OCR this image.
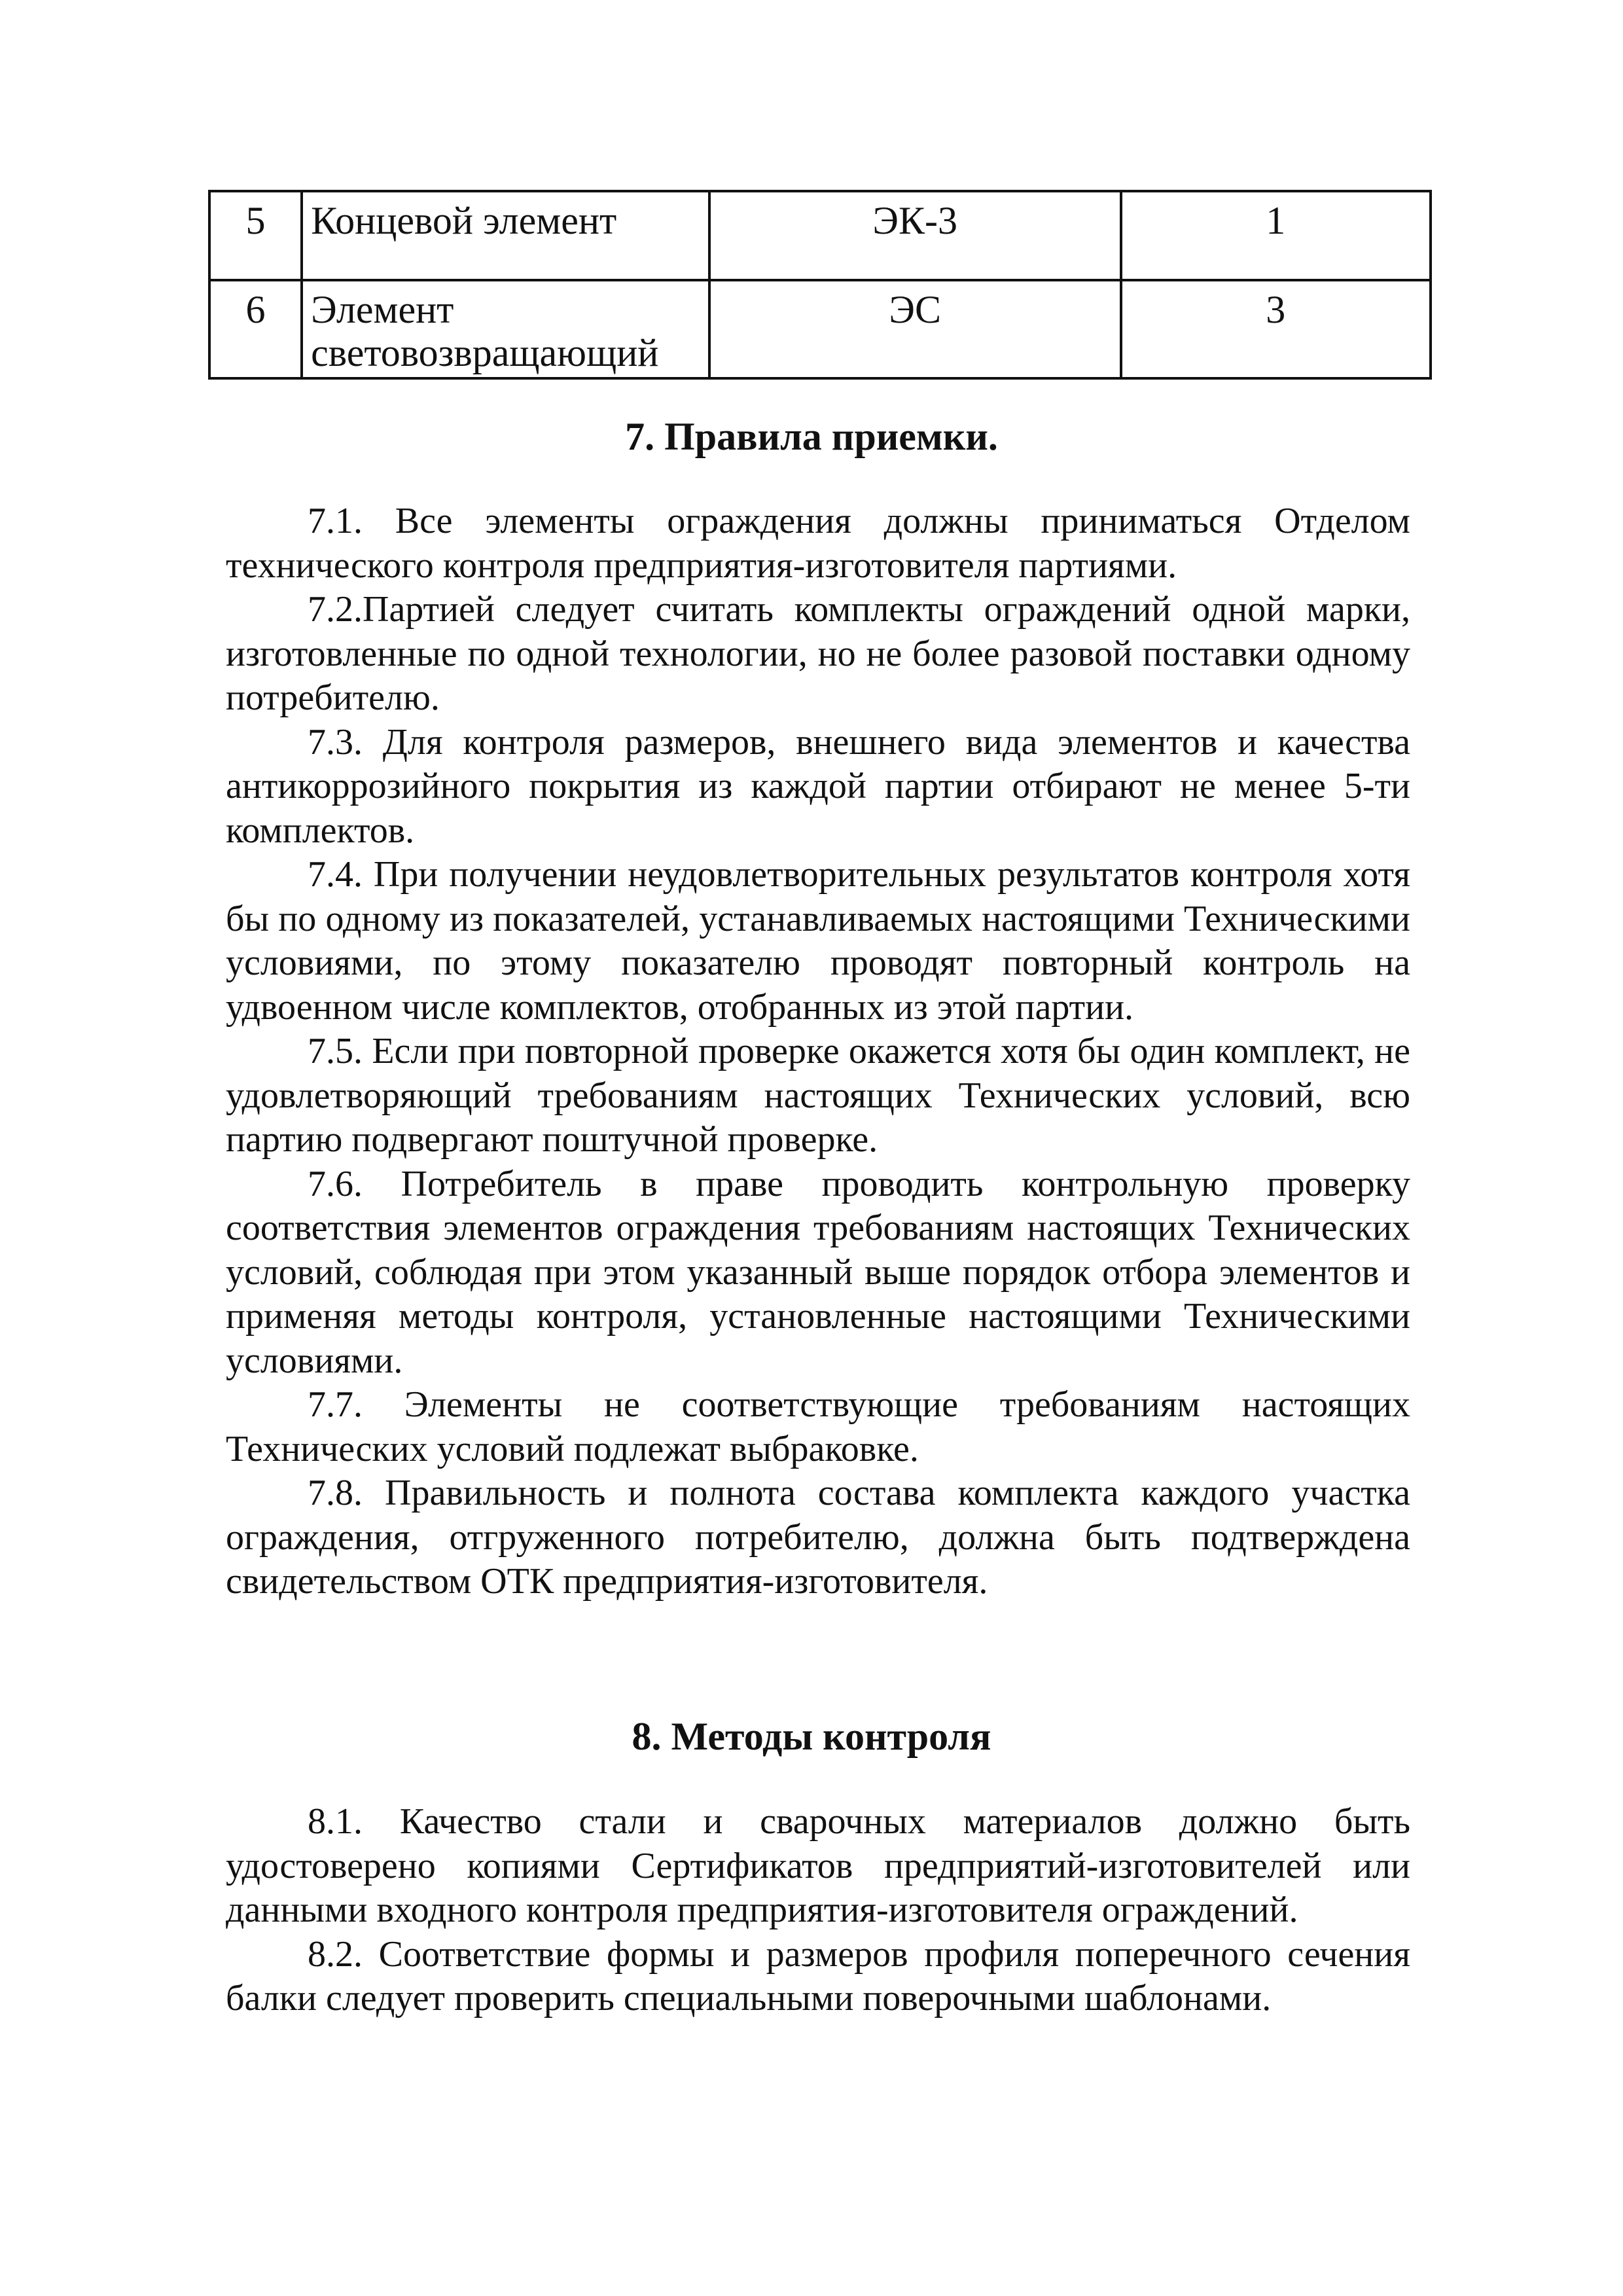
5	Концевой элемент	ЭК-3	1
6	Элемент световозвращающий	ЭС	3
7. Правила приемки.

7.1. Все элементы ограждения должны приниматься Отделом технического контроля предприятия-изготовителя партиями.

7.2.Партией следует считать комплекты ограждений одной марки, изготовленные по одной технологии, но не более разовой поставки одному потребителю.

7.3. Для контроля размеров, внешнего вида элементов и качества антикоррозийного покрытия из каждой партии отбирают не менее 5-ти комплектов.

7.4. При получении неудовлетворительных результатов контроля хотя бы по одному из показателей, устанавливаемых настоящими Техническими условиями, по этому показателю проводят повторный контроль на удвоенном числе комплектов, отобранных из этой партии.

7.5. Если при повторной проверке окажется хотя бы один комплект, не удовлетворяющий требованиям настоящих Технических условий, всю партию подвергают поштучной проверке.

7.6. Потребитель в праве проводить контрольную проверку соответствия элементов ограждения требованиям настоящих Технических условий, соблюдая при этом указанный выше порядок отбора элементов и применяя методы контроля, установленные настоящими Техническими условиями.

7.7. Элементы не соответствующие требованиям настоящих Технических условий подлежат выбраковке.

7.8. Правильность и полнота состава комплекта каждого участка ограждения, отгруженного потребителю, должна быть подтверждена свидетельством ОТК предприятия-изготовителя.

8. Методы контроля

8.1. Качество стали и сварочных материалов должно быть удостоверено копиями Сертификатов предприятий-изготовителей или данными входного контроля предприятия-изготовителя ограждений.

8.2. Соответствие формы и размеров профиля поперечного сечения балки следует проверить специальными поверочными шаблонами.
